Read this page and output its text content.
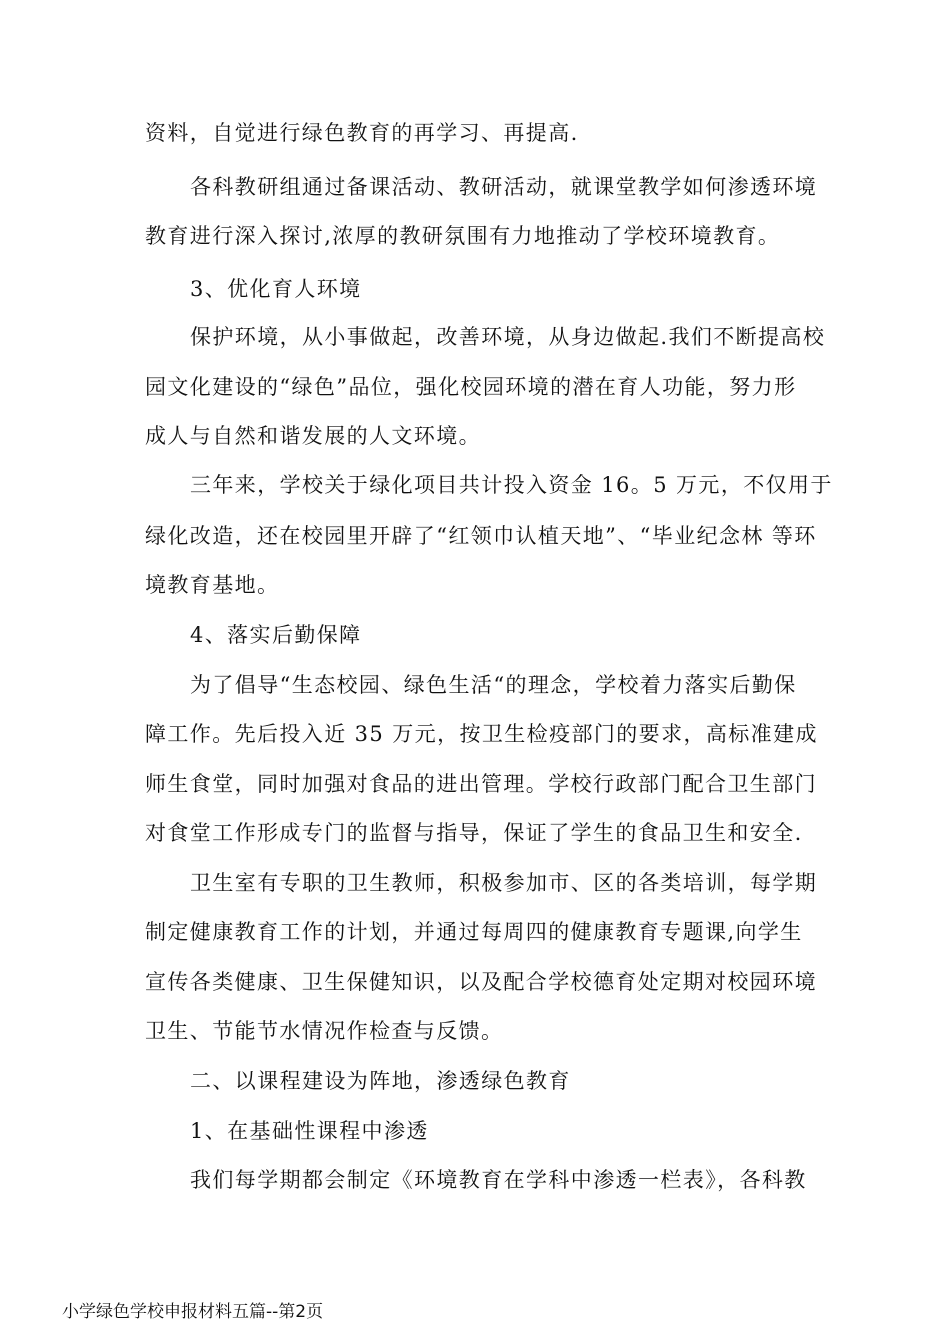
资料，自觉进行绿色教育的再学习、再提高.
各科教研组通过备课活动、教研活动，就课堂教学如何渗透环境
教育进行深入探讨,浓厚的教研氛围有力地推动了学校环境教育。
3、优化育人环境
保护环境，从小事做起，改善环境，从身边做起.我们不断提高校
园文化建设的“绿色”品位，强化校园环境的潜在育人功能，努力形
成人与自然和谐发展的人文环境。
三年来，学校关于绿化项目共计投入资金 16。5 万元，不仅用于
绿化改造，还在校园里开辟了“红领巾认植天地”、“毕业纪念林 等环
境教育基地。
4、落实后勤保障
为了倡导“生态校园、绿色生活“的理念，学校着力落实后勤保
障工作。先后投入近 35 万元，按卫生检疫部门的要求，高标准建成
师生食堂，同时加强对食品的进出管理。学校行政部门配合卫生部门
对食堂工作形成专门的监督与指导，保证了学生的食品卫生和安全.
卫生室有专职的卫生教师，积极参加市、区的各类培训，每学期
制定健康教育工作的计划，并通过每周四的健康教育专题课,向学生
宣传各类健康、卫生保健知识，以及配合学校德育处定期对校园环境
卫生、节能节水情况作检查与反馈。
二、以课程建设为阵地，渗透绿色教育
1、在基础性课程中渗透
我们每学期都会制定《环境教育在学科中渗透一栏表》，各科教
小学绿色学校申报材料五篇--第2页
